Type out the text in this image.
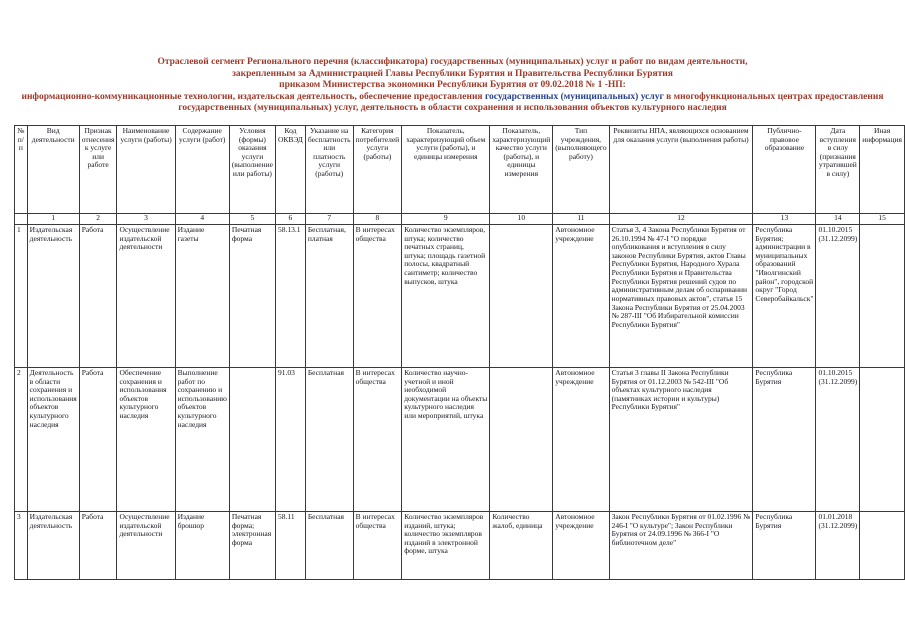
Отраслевой сегмент Регионального перечня (классификатора) государственных (муниципальных) услуг и работ по видам деятельности,
закрепленным за Администрацией Главы Республики Бурятия и Правительства Республики Бурятия
приказом Министерства экономики Республики Бурятия от 09.02.2018 № 1 -НП:
информационно-коммуникационные технологии, издательская деятельность, обеспечение предоставления государственных (муниципальных) услуг в многофункциональных центрах предоставления
государственных (муниципальных) услуг, деятельность в области сохранения и использования объектов культурного наследия
№ п/п	Вид деятельности	Признак отнесения к услуге или работе	Наименование услуги (работы)	Содержание услуги (работ)	Условия (формы) оказания услуги (выполнение или работы)	Код ОКВЭД	Указание на бесплатность или платность услуги (работы)	Категория потребителей услуги (работы)	Показатель, характеризующий объем услуги (работы), и единицы измерения	Показатель, характеризующий качество услуги (работы), и единицы измерения	Тип учреждения, (выполняющего работу)	Реквизиты НПА, являющихся основанием для оказания услуги (выполнения работы)	Публично-правовое образование	Дата вступления в силу (признания утратившей в силу)	Иная информация
	1	2	3	4	5	6	7	8	9	10	11	12	13	14	15
1	Издательская деятельность	Работа	Осуществление издательской деятельности	Издание газеты	Печатная форма	58.13.1	Бесплатная, платная	В интересах общества	Количество экземпляров, штука; количество печатных страниц, штука; площадь газетной полосы, квадратный сантиметр; количество выпусков, штука		Автономное учреждение	Статья 3, 4 Закона Республики Бурятия от 26.10.1994 № 47-I "О порядке опубликования и вступления в силу законов Республики Бурятия, актов Главы Республики Бурятия, Народного Хурала Республики Бурятия и Правительства Республики Бурятия решений судов по административным делам об оспаривании нормативных правовых актов", статья 15 Закона Республики Бурятия от 25.04.2003 № 287-III "Об Избирательной комиссии Республики Бурятия"	Республика Бурятия; администрации в муниципальных образований "Иволгинский район", городской округ "Город Северобайкальск"	01.10.2015 (31.12.2099)	
2	Деятельность в области сохранения и использования объектов культурного наследия	Работа	Обеспечение сохранения и использования объектов культурного наследия	Выполнение работ по сохранению и использованию объектов культурного наследия		91.03	Бесплатная	В интересах общества	Количество научно-учетной и иной необходимой документации на объекты культурного наследия или мероприятий, штука		Автономное учреждение	Статья 3 главы II Закона Республики Бурятия от 01.12.2003 № 542-III "Об объектах культурного наследия (памятниках истории и культуры) Республики Бурятия"	Республика Бурятия	01.10.2015 (31.12.2099)	
3	Издательская деятельность	Работа	Осуществление издательской деятельности	Издание брошюр	Печатная форма; электронная форма	58.11	Бесплатная	В интересах общества	Количество экземпляров изданий, штука; количество экземпляров изданий в электронной форме, штука	Количество жалоб, единица	Автономное учреждение	Закон Республики Бурятия от 01.02.1996 № 246-I "О культуре"; Закон Республики Бурятия от 24.09.1996 № 366-I "О библиотечном деле"	Республика Бурятия	01.01.2018 (31.12.2099)	
